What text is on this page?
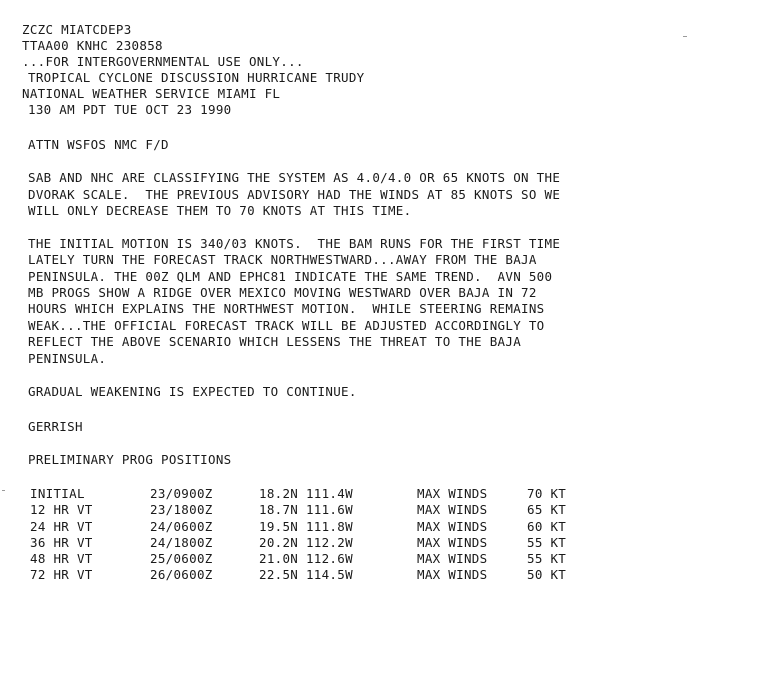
ZCZC MIATCDEP3
TTAA00 KNHC 230858
...FOR INTERGOVERNMENTAL USE ONLY...
TROPICAL CYCLONE DISCUSSION HURRICANE TRUDY
NATIONAL WEATHER SERVICE MIAMI FL
130 AM PDT TUE OCT 23 1990
ATTN WSFOS NMC F/D
SAB AND NHC ARE CLASSIFYING THE SYSTEM AS 4.0/4.0 OR 65 KNOTS ON THE
DVORAK SCALE.  THE PREVIOUS ADVISORY HAD THE WINDS AT 85 KNOTS SO WE
WILL ONLY DECREASE THEM TO 70 KNOTS AT THIS TIME.
THE INITIAL MOTION IS 340/03 KNOTS.  THE BAM RUNS FOR THE FIRST TIME
LATELY TURN THE FORECAST TRACK NORTHWESTWARD...AWAY FROM THE BAJA
PENINSULA. THE 00Z QLM AND EPHC81 INDICATE THE SAME TREND.  AVN 500
MB PROGS SHOW A RIDGE OVER MEXICO MOVING WESTWARD OVER BAJA IN 72
HOURS WHICH EXPLAINS THE NORTHWEST MOTION.  WHILE STEERING REMAINS
WEAK...THE OFFICIAL FORECAST TRACK WILL BE ADJUSTED ACCORDINGLY TO
REFLECT THE ABOVE SCENARIO WHICH LESSENS THE THREAT TO THE BAJA
PENINSULA.
GRADUAL WEAKENING IS EXPECTED TO CONTINUE.
GERRISH
PRELIMINARY PROG POSITIONS

INITIAL

	23/0900Z

	18.2N 111.4W

	MAX WINDS

	70 KT

12 HR VT

	23/1800Z

	18.7N 111.6W

	MAX WINDS

	65 KT

24 HR VT

	24/0600Z

	19.5N 111.8W

	MAX WINDS

	60 KT

36 HR VT

	24/1800Z

	20.2N 112.2W

	MAX WINDS

	55 KT

48 HR VT

	25/0600Z

	21.0N 112.6W

	MAX WINDS

	55 KT

72 HR VT

	26/0600Z

	22.5N 114.5W

	MAX WINDS

	50 KT
